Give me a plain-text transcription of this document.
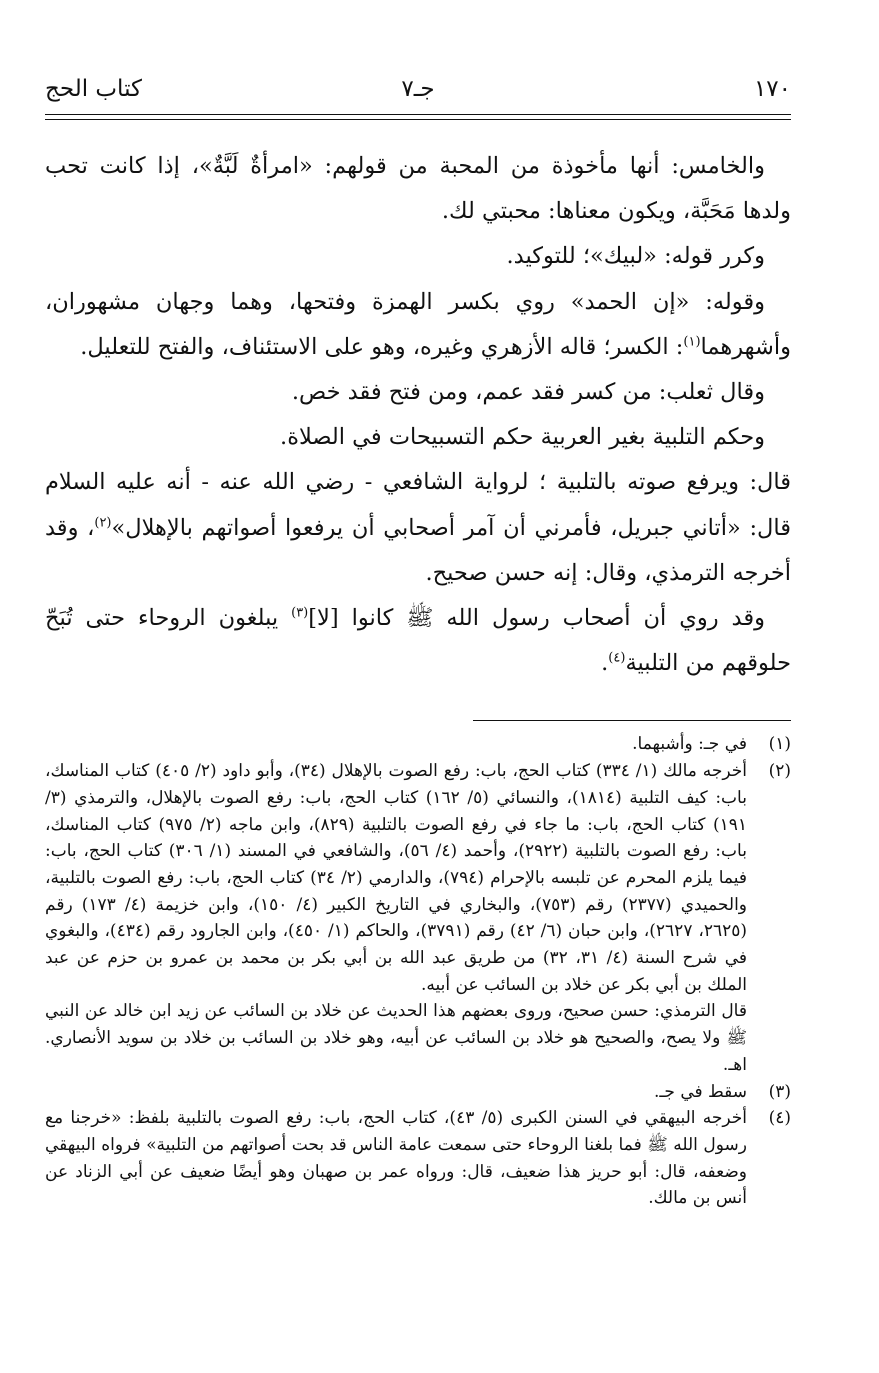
١٧٠
جـ٧
كتاب الحج

والخامس: أنها مأخوذة من المحبة من قولهم: «امرأةٌ لَبَّةٌ»، إذا كانت تحب ولدها مَحَبَّة، ويكون معناها: محبتي لك.

وكرر قوله: «لبيك»؛ للتوكيد.

وقوله: «إن الحمد» روي بكسر الهمزة وفتحها، وهما وجهان مشهوران، وأشهرهما$^{(١)}$: الكسر؛ قاله الأزهري وغيره، وهو على الاستئناف، والفتح للتعليل.

وقال ثعلب: من كسر فقد عمم، ومن فتح فقد خص.

وحكم التلبية بغير العربية حكم التسبيحات في الصلاة.

قال: ويرفع صوته بالتلبية ؛ لرواية الشافعي - رضي الله عنه - أنه عليه السلام قال: «أتاني جبريل، فأمرني أن آمر أصحابي أن يرفعوا أصواتهم بالإهلال»$^{(٢)}$، وقد أخرجه الترمذي، وقال: إنه حسن صحيح.

وقد روي أن أصحاب رسول الله ﷺ كانوا [لا]$^{(٣)}$ يبلغون الروحاء حتى تُبَحّ حلوقهم من التلبية$^{(٤)}$.

(١)

في جـ: وأشبهما.

(٢)

أخرجه مالك (١/ ٣٣٤) كتاب الحج، باب: رفع الصوت بالإهلال (٣٤)، وأبو داود (٢/ ٤٠٥) كتاب المناسك، باب: كيف التلبية (١٨١٤)، والنسائي (٥/ ١٦٢) كتاب الحج، باب: رفع الصوت بالإهلال، والترمذي (٣/ ١٩١) كتاب الحج، باب: ما جاء في رفع الصوت بالتلبية (٨٢٩)، وابن ماجه (٢/ ٩٧٥) كتاب المناسك، باب: رفع الصوت بالتلبية (٢٩٢٢)، وأحمد (٤/ ٥٦)، والشافعي في المسند (١/ ٣٠٦) كتاب الحج، باب: فيما يلزم المحرم عن تلبسه بالإحرام (٧٩٤)، والدارمي (٢/ ٣٤) كتاب الحج، باب: رفع الصوت بالتلبية، والحميدي (٢٣٧٧) رقم (٧٥٣)، والبخاري في التاريخ الكبير (٤/ ١٥٠)، وابن خزيمة (٤/ ١٧٣) رقم (٢٦٢٥، ٢٦٢٧)، وابن حبان (٦/ ٤٢) رقم (٣٧٩١)، والحاكم (١/ ٤٥٠)، وابن الجارود رقم (٤٣٤)، والبغوي في شرح السنة (٤/ ٣١، ٣٢) من طريق عبد الله بن أبي بكر بن محمد بن عمرو بن حزم عن عبد الملك بن أبي بكر عن خلاد بن السائب عن أبيه.

قال الترمذي: حسن صحيح، وروى بعضهم هذا الحديث عن خلاد بن السائب عن زيد ابن خالد عن النبي ﷺ ولا يصح، والصحيح هو خلاد بن السائب عن أبيه، وهو خلاد بن السائب بن خلاد بن سويد الأنصاري. اهـ.

(٣)

سقط في جـ.

(٤)

أخرجه البيهقي في السنن الكبرى (٥/ ٤٣)، كتاب الحج، باب: رفع الصوت بالتلبية بلفظ: «خرجنا مع رسول الله ﷺ فما بلغنا الروحاء حتى سمعت عامة الناس قد بحت أصواتهم من التلبية» فرواه البيهقي وضعفه، قال: أبو حريز هذا ضعيف، قال: ورواه عمر بن صهبان وهو أيضًا ضعيف عن أبي الزناد عن أنس بن مالك.
